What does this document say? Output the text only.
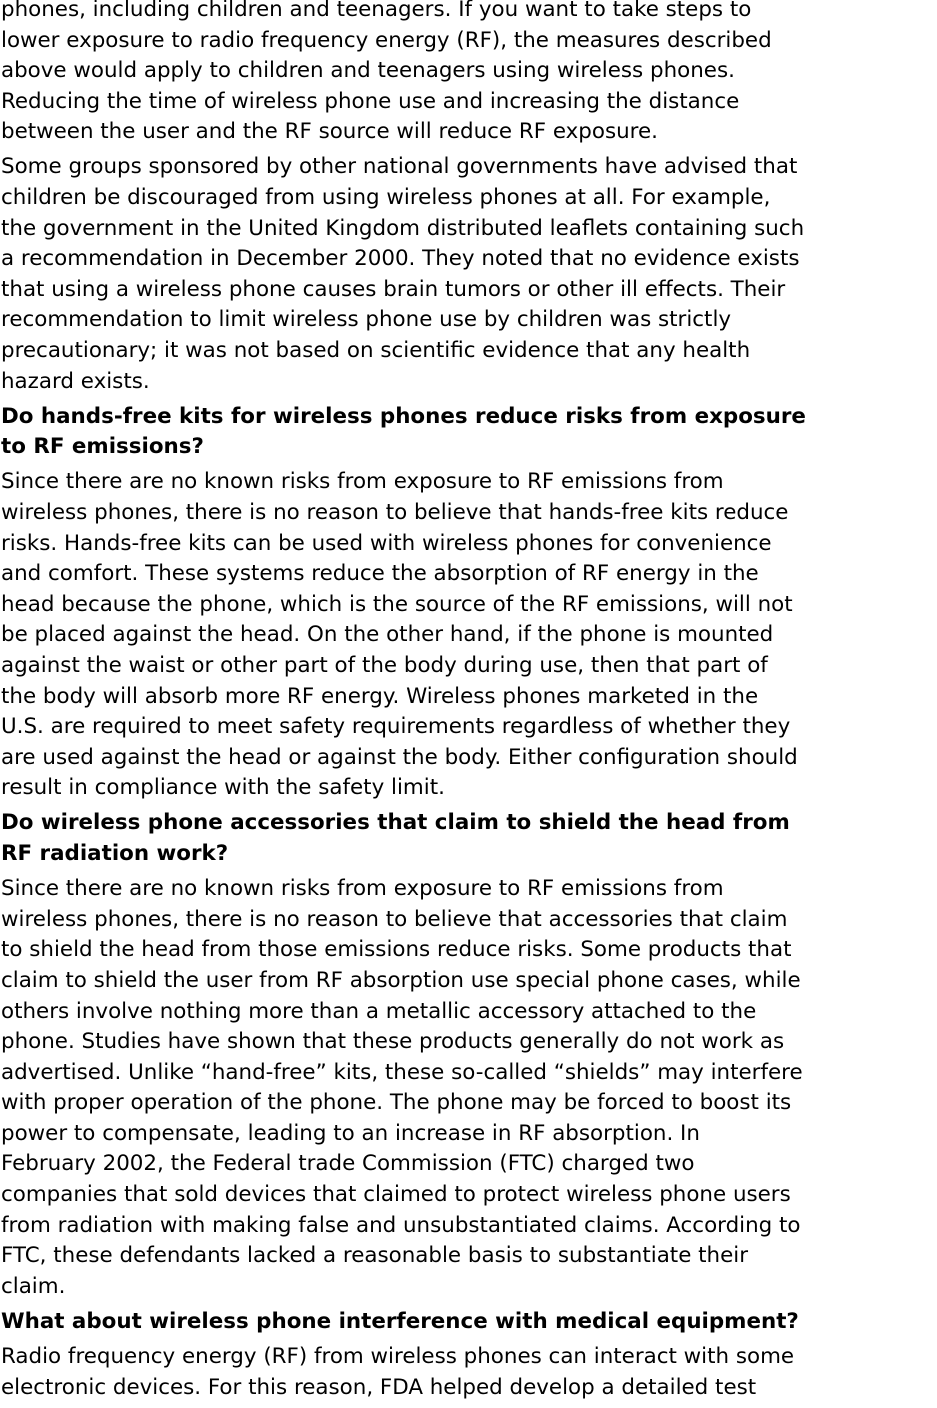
phones, including children and teenagers. If you want to take steps to
lower exposure to radio frequency energy (RF), the measures described
above would apply to children and teenagers using wireless phones.
Reducing the time of wireless phone use and increasing the distance
between the user and the RF source will reduce RF exposure.

Some groups sponsored by other national governments have advised that
children be discouraged from using wireless phones at all. For example,
the government in the United Kingdom distributed leaflets containing such
a recommendation in December 2000. They noted that no evidence exists
that using a wireless phone causes brain tumors or other ill effects. Their
recommendation to limit wireless phone use by children was strictly
precautionary; it was not based on scientific evidence that any health
hazard exists.

Do hands-free kits for wireless phones reduce risks from exposure
to RF emissions?

Since there are no known risks from exposure to RF emissions from
wireless phones, there is no reason to believe that hands-free kits reduce
risks. Hands-free kits can be used with wireless phones for convenience
and comfort. These systems reduce the absorption of RF energy in the
head because the phone, which is the source of the RF emissions, will not
be placed against the head. On the other hand, if the phone is mounted
against the waist or other part of the body during use, then that part of
the body will absorb more RF energy. Wireless phones marketed in the
U.S. are required to meet safety requirements regardless of whether they
are used against the head or against the body. Either configuration should
result in compliance with the safety limit.

Do wireless phone accessories that claim to shield the head from
RF radiation work?

Since there are no known risks from exposure to RF emissions from
wireless phones, there is no reason to believe that accessories that claim
to shield the head from those emissions reduce risks. Some products that
claim to shield the user from RF absorption use special phone cases, while
others involve nothing more than a metallic accessory attached to the
phone. Studies have shown that these products generally do not work as
advertised. Unlike “hand-free” kits, these so-called “shields” may interfere
with proper operation of the phone. The phone may be forced to boost its
power to compensate, leading to an increase in RF absorption. In
February 2002, the Federal trade Commission (FTC) charged two
companies that sold devices that claimed to protect wireless phone users
from radiation with making false and unsubstantiated claims. According to
FTC, these defendants lacked a reasonable basis to substantiate their
claim.

What about wireless phone interference with medical equipment?

Radio frequency energy (RF) from wireless phones can interact with some
electronic devices. For this reason, FDA helped develop a detailed test
